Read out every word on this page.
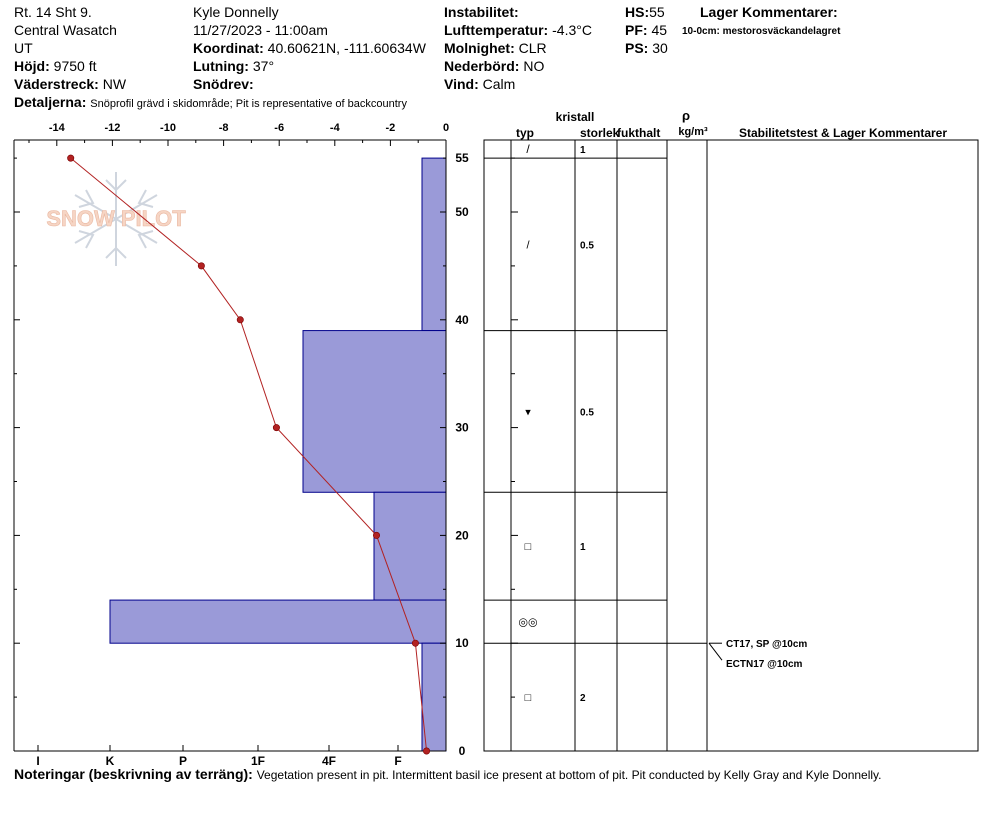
Rt. 14 Sht 9.
Central Wasatch
UT
Höjd: 9750 ft
Väderstreck: NW
Kyle Donnelly
11/27/2023 - 11:00am
Koordinat: 40.60621N, -111.60634W
Lutning: 37°
Snödrev:
Instabilitet:
Lufttemperatur: -4.3°C
Molnighet: CLR
Nederbörd: NO
Vind: Calm
HS:55
PF: 45
PS: 30
Lager Kommentarer:
10-0cm: mestorosväckandelagret
Detaljerna: Snöprofil grävd i skidområde; Pit is representative of backcountry
SNOW PILOT
-14	-12	-10	-8	-6	-4	-2	0
0
10
20
30
40
50
55
I	K	P	1F	4F	F
kristall
typ	storlek
fukthalt
ρ
kg/m³	Stabilitetstest & Lager Kommentarer
/	1
/	0.5
▾	0.5
□	1
◎◎
□	2
CT17, SP @10cm
ECTN17 @10cm
Noteringar (beskrivning av terräng): Vegetation present in pit. Intermittent basil ice present at bottom of pit. Pit conducted by Kelly Gray and Kyle Donnelly.
